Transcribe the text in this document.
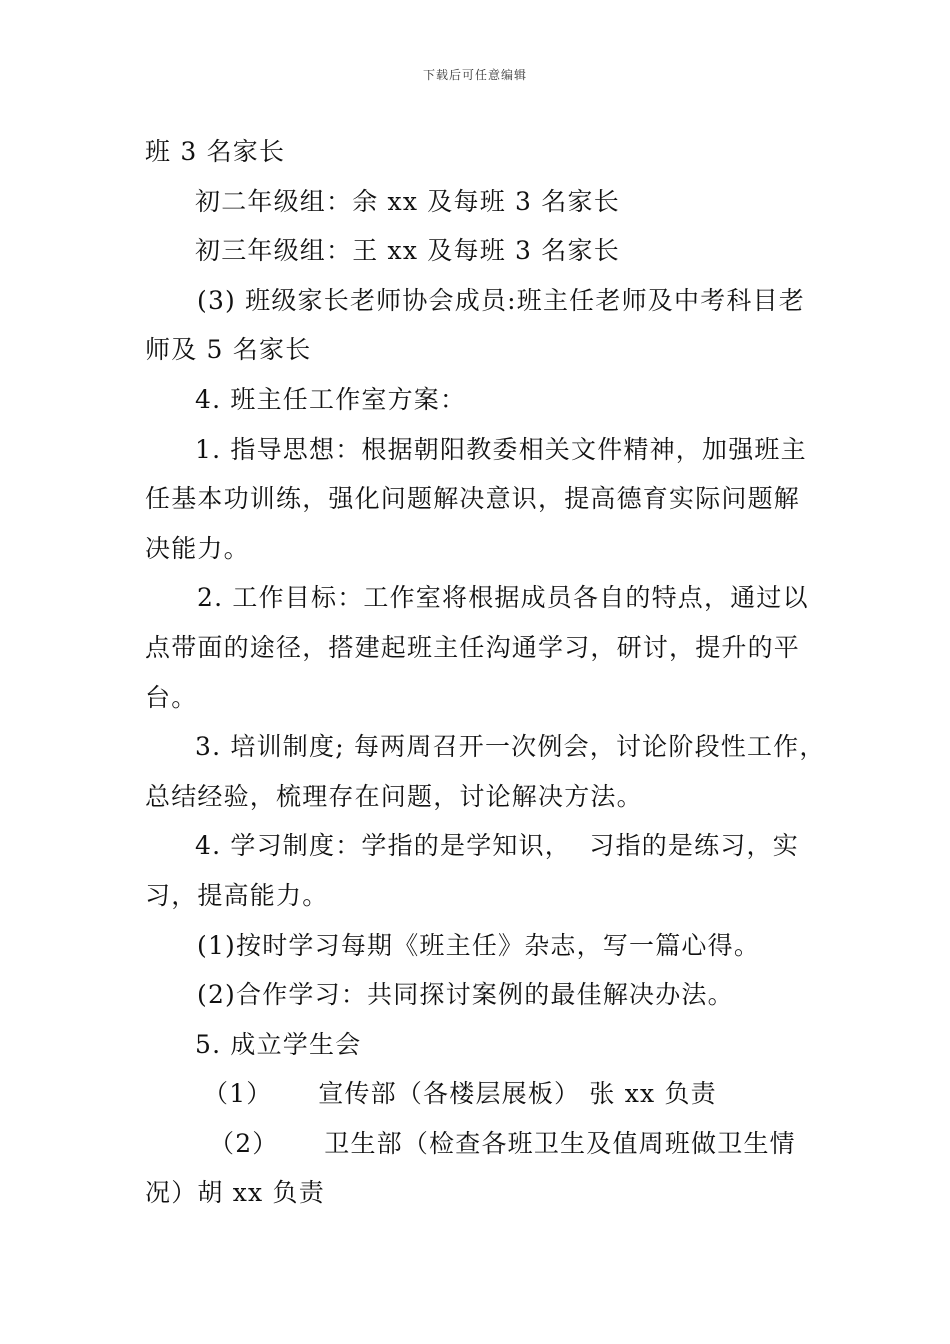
下载后可任意编辑
班 3 名家长
初二年级组：余 xx 及每班 3 名家长
初三年级组：王 xx 及每班 3 名家长
(3) 班级家长老师协会成员:班主任老师及中考科目老
师及 5 名家长
4. 班主任工作室方案：
1. 指导思想：根据朝阳教委相关文件精神，加强班主
任基本功训练，强化问题解决意识，提高德育实际问题解
决能力。
2. 工作目标：工作室将根据成员各自的特点，通过以
点带面的途径，搭建起班主任沟通学习，研讨，提升的平
台。
3. 培训制度; 每两周召开一次例会，讨论阶段性工作，
总结经验，梳理存在问题，讨论解决方法。
4. 学习制度：学指的是学知识，  习指的是练习，实
习，提高能力。
(1)按时学习每期《班主任》杂志，写一篇心得。
(2)合作学习：共同探讨案例的最佳解决办法。
5. 成立学生会
（1）     宣传部（各楼层展板） 张 xx 负责
（2）     卫生部（检查各班卫生及值周班做卫生情
况）胡 xx 负责
